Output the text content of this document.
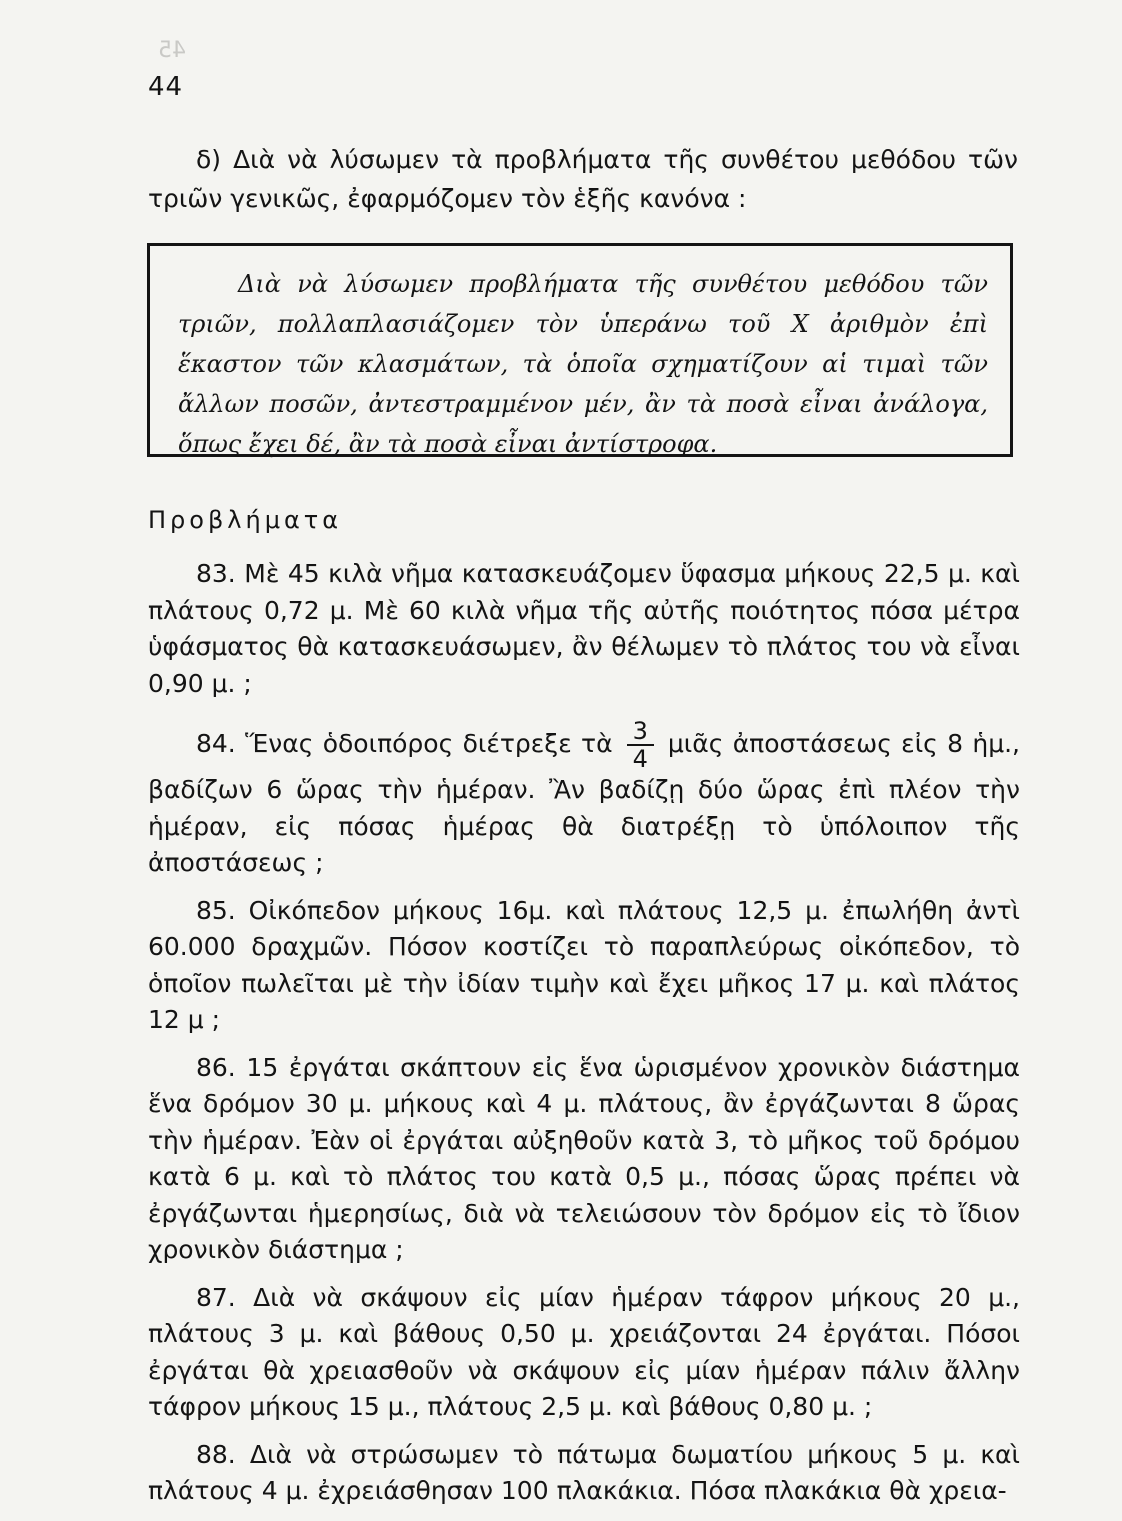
45
44

δ) Διὰ νὰ λύσωμεν τὰ προβλήματα τῆς συνθέτου μεθόδου τῶν τριῶν γενικῶς, ἐφαρμόζομεν τὸν ἑξῆς κανόνα :

Διὰ νὰ λύσωμεν προβλήματα τῆς συνθέτου μεθόδου τῶν τριῶν, πολλαπλασιάζομεν τὸν ὑπεράνω τοῦ X ἀριθμὸν ἐπὶ ἕκαστον τῶν κλασμάτων, τὰ ὁποῖα σχηματίζουν αἱ τιμαὶ τῶν ἄλλων ποσῶν, ἀντεστραμμένον μέν, ἂν τὰ ποσὰ εἶναι ἀνάλογα, ὅπως ἔχει δέ, ἂν τὰ ποσὰ εἶναι ἀντίστροφα.

Προβλήματα

83. Μὲ 45 κιλὰ νῆμα κατασκευάζομεν ὕφασμα μήκους 22,5 μ. καὶ πλάτους 0,72 μ. Μὲ 60 κιλὰ νῆμα τῆς αὐτῆς ποιότητος πόσα μέτρα ὑφάσματος θὰ κατασκευάσωμεν, ἂν θέλωμεν τὸ πλάτος του νὰ εἶναι 0,90 μ. ;

84. Ἕνας ὁδοιπόρος διέτρεξε τὰ $\frac{3}{4}$ μιᾶς ἀποστάσεως εἰς 8 ἡμ., βαδίζων 6 ὥρας τὴν ἡμέραν. Ἂν βαδίζῃ δύο ὥρας ἐπὶ πλέον τὴν ἡμέραν, εἰς πόσας ἡμέρας θὰ διατρέξῃ τὸ ὑπόλοιπον τῆς ἀποστάσεως ;

85. Οἰκόπεδον μήκους 16μ. καὶ πλάτους 12,5 μ. ἐπωλήθη ἀντὶ 60.000 δραχμῶν. Πόσον κοστίζει τὸ παραπλεύρως οἰκόπεδον, τὸ ὁποῖον πωλεῖται μὲ τὴν ἰδίαν τιμὴν καὶ ἔχει μῆκος 17 μ. καὶ πλάτος 12 μ ;

86. 15 ἐργάται σκάπτουν εἰς ἕνα ὡρισμένον χρονικὸν διάστημα ἕνα δρόμον 30 μ. μήκους καὶ 4 μ. πλάτους, ἂν ἐργάζωνται 8 ὥρας τὴν ἡμέραν. Ἐὰν οἱ ἐργάται αὐξηθοῦν κατὰ 3, τὸ μῆκος τοῦ δρόμου κατὰ 6 μ. καὶ τὸ πλάτος του κατὰ 0,5 μ., πόσας ὥρας πρέπει νὰ ἐργάζωνται ἡμερησίως, διὰ νὰ τελειώσουν τὸν δρόμον εἰς τὸ ἴδιον χρονικὸν διάστημα ;

87. Διὰ νὰ σκάψουν εἰς μίαν ἡμέραν τάφρον μήκους 20 μ., πλάτους 3 μ. καὶ βάθους 0,50 μ. χρειάζονται 24 ἐργάται. Πόσοι ἐργάται θὰ χρειασθοῦν νὰ σκάψουν εἰς μίαν ἡμέραν πάλιν ἄλλην τάφρον μήκους 15 μ., πλάτους 2,5 μ. καὶ βάθους 0,80 μ. ;

88. Διὰ νὰ στρώσωμεν τὸ πάτωμα δωματίου μήκους 5 μ. καὶ πλάτους 4 μ. ἐχρειάσθησαν 100 πλακάκια. Πόσα πλακάκια θὰ χρεια-
